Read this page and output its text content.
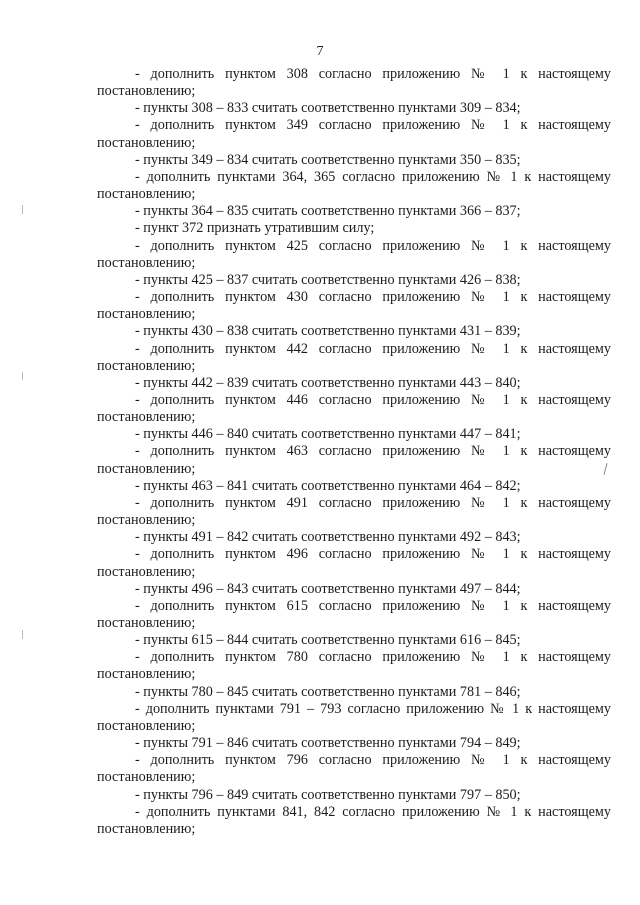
7

- дополнить пунктом 308 согласно приложению № 1 к настоящему постановлению;

- пункты 308 – 833 считать соответственно пунктами 309 – 834;

- дополнить пунктом 349 согласно приложению № 1 к настоящему постановлению;

- пункты 349 – 834 считать соответственно пунктами 350 – 835;

- дополнить пунктами 364, 365 согласно приложению № 1 к настоящему постановлению;

- пункты 364 – 835 считать соответственно пунктами 366 – 837;

- пункт 372 признать утратившим силу;

- дополнить пунктом 425 согласно приложению № 1 к настоящему постановлению;

- пункты 425 – 837 считать соответственно пунктами 426 – 838;

- дополнить пунктом 430 согласно приложению № 1 к настоящему постановлению;

- пункты 430 – 838 считать соответственно пунктами 431 – 839;

- дополнить пунктом 442 согласно приложению № 1 к настоящему постановлению;

- пункты 442 – 839 считать соответственно пунктами 443 – 840;

- дополнить пунктом 446 согласно приложению № 1 к настоящему постановлению;

- пункты 446 – 840 считать соответственно пунктами 447 – 841;

- дополнить пунктом 463 согласно приложению № 1 к настоящему постановлению;

- пункты 463 – 841 считать соответственно пунктами 464 – 842;

- дополнить пунктом 491 согласно приложению № 1 к настоящему постановлению;

- пункты 491 – 842 считать соответственно пунктами 492 – 843;

- дополнить пунктом 496 согласно приложению № 1 к настоящему постановлению;

- пункты 496 – 843 считать соответственно пунктами 497 – 844;

- дополнить пунктом 615 согласно приложению № 1 к настоящему постановлению;

- пункты 615 – 844 считать соответственно пунктами 616 – 845;

- дополнить пунктом 780 согласно приложению № 1 к настоящему постановлению;

- пункты 780 – 845 считать соответственно пунктами 781 – 846;

- дополнить пунктами 791 – 793 согласно приложению № 1 к настоящему постановлению;

- пункты 791 – 846 считать соответственно пунктами 794 – 849;

- дополнить пунктом 796 согласно приложению № 1 к настоящему постановлению;

- пункты 796 – 849 считать соответственно пунктами 797 – 850;

- дополнить пунктами 841, 842 согласно приложению № 1 к настоящему постановлению;
